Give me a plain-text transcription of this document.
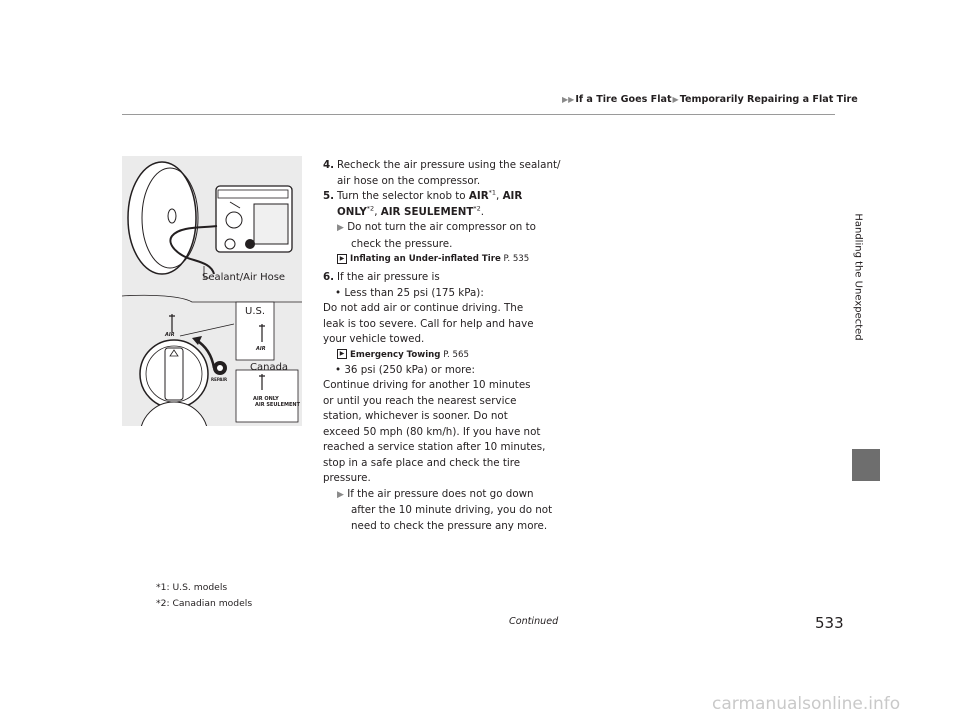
▶▶If a Tire Goes Flat▶Temporarily Repairing a Flat Tire
Handling the Unexpected
Sealant/Air Hose
U.S.
Canada
AIR
AIR
REPAIR
AIR ONLY
AIR SEULEMENT

4. Recheck the air pressure using the sealant/

air hose on the compressor.

5. Turn the selector knob to AIR$^{*1}$, AIR

ONLY$^{*2}$, AIR SEULEMENT$^{*2}$.

▶ Do not turn the air compressor on to

check the pressure.

▶ Inflating an Under-inflated Tire P. 535

6. If the air pressure is

• Less than 25 psi (175 kPa):

Do not add air or continue driving. The

leak is too severe. Call for help and have

your vehicle towed.

▶ Emergency Towing P. 565

• 36 psi (250 kPa) or more:

Continue driving for another 10 minutes

or until you reach the nearest service

station, whichever is sooner. Do not

exceed 50 mph (80 km/h). If you have not

reached a service station after 10 minutes,

stop in a safe place and check the tire

pressure.

▶ If the air pressure does not go down

after the 10 minute driving, you do not

need to check the pressure any more.

*1: U.S. models
*2: Canadian models
Continued	533
carmanualsonline.info
